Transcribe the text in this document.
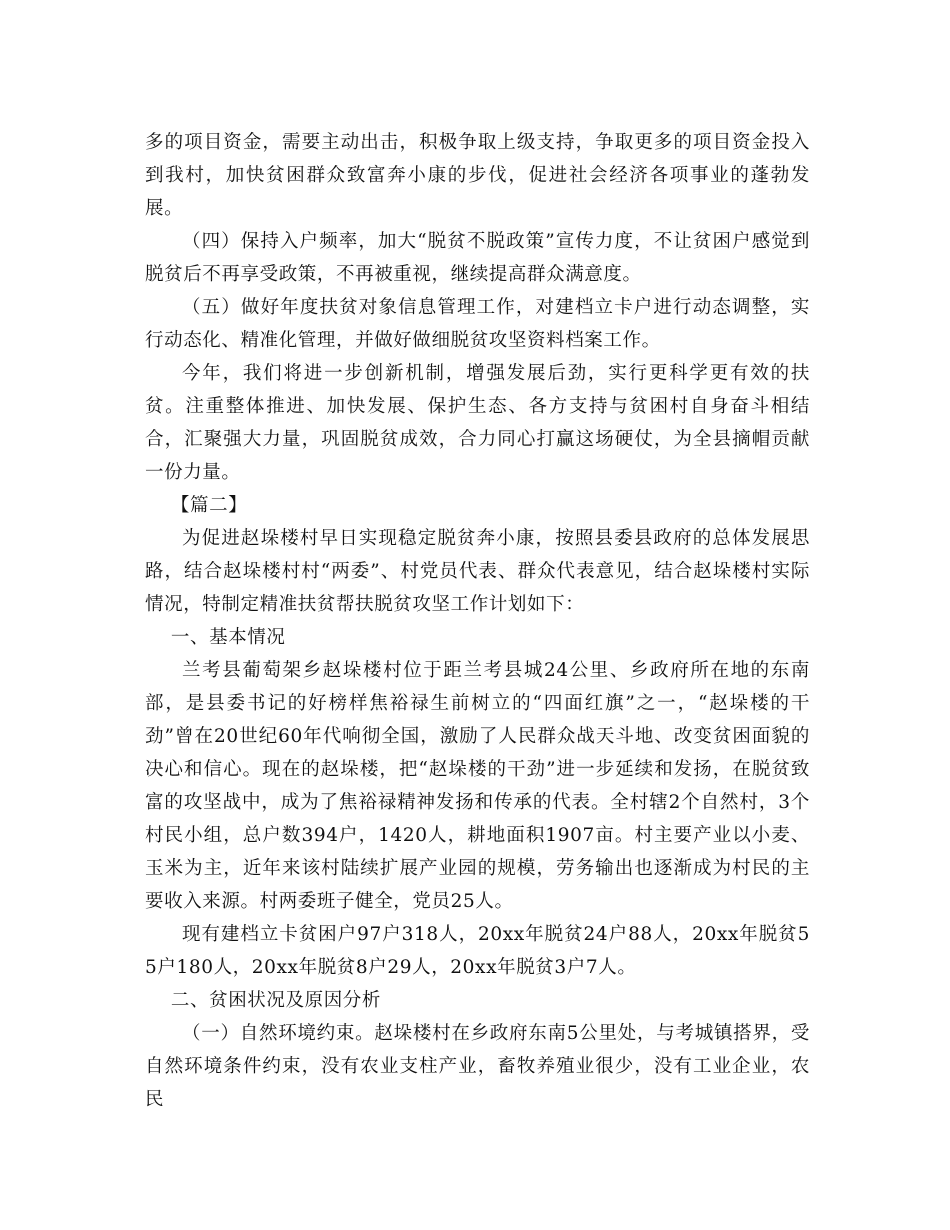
多的项目资金，需要主动出击，积极争取上级支持，争取更多的项目资金投入到我村，加快贫困群众致富奔小康的步伐，促进社会经济各项事业的蓬勃发展。

（四）保持入户频率，加大“脱贫不脱政策”宣传力度，不让贫困户感觉到脱贫后不再享受政策，不再被重视，继续提高群众满意度。

（五）做好年度扶贫对象信息管理工作，对建档立卡户进行动态调整，实行动态化、精准化管理，并做好做细脱贫攻坚资料档案工作。

今年，我们将进一步创新机制，增强发展后劲，实行更科学更有效的扶贫。注重整体推进、加快发展、保护生态、各方支持与贫困村自身奋斗相结合，汇聚强大力量，巩固脱贫成效，合力同心打赢这场硬仗，为全县摘帽贡献一份力量。

【篇二】

为促进赵垛楼村早日实现稳定脱贫奔小康，按照县委县政府的总体发展思路，结合赵垛楼村村“两委”、村党员代表、群众代表意见，结合赵垛楼村实际情况，特制定精准扶贫帮扶脱贫攻坚工作计划如下：

一、基本情况

兰考县葡萄架乡赵垛楼村位于距兰考县城24公里、乡政府所在地的东南部，是县委书记的好榜样焦裕禄生前树立的“四面红旗”之一，“赵垛楼的干劲”曾在20世纪60年代响彻全国，激励了人民群众战天斗地、改变贫困面貌的决心和信心。现在的赵垛楼，把“赵垛楼的干劲”进一步延续和发扬，在脱贫致富的攻坚战中，成为了焦裕禄精神发扬和传承的代表。全村辖2个自然村，3个村民小组，总户数394户，1420人，耕地面积1907亩。村主要产业以小麦、玉米为主，近年来该村陆续扩展产业园的规模，劳务输出也逐渐成为村民的主要收入来源。村两委班子健全，党员25人。

现有建档立卡贫困户97户318人，20xx年脱贫24户88人，20xx年脱贫55户180人，20xx年脱贫8户29人，20xx年脱贫3户7人。

二、贫困状况及原因分析

（一）自然环境约束。赵垛楼村在乡政府东南5公里处，与考城镇搭界，受自然环境条件约束，没有农业支柱产业，畜牧养殖业很少，没有工业企业，农民
